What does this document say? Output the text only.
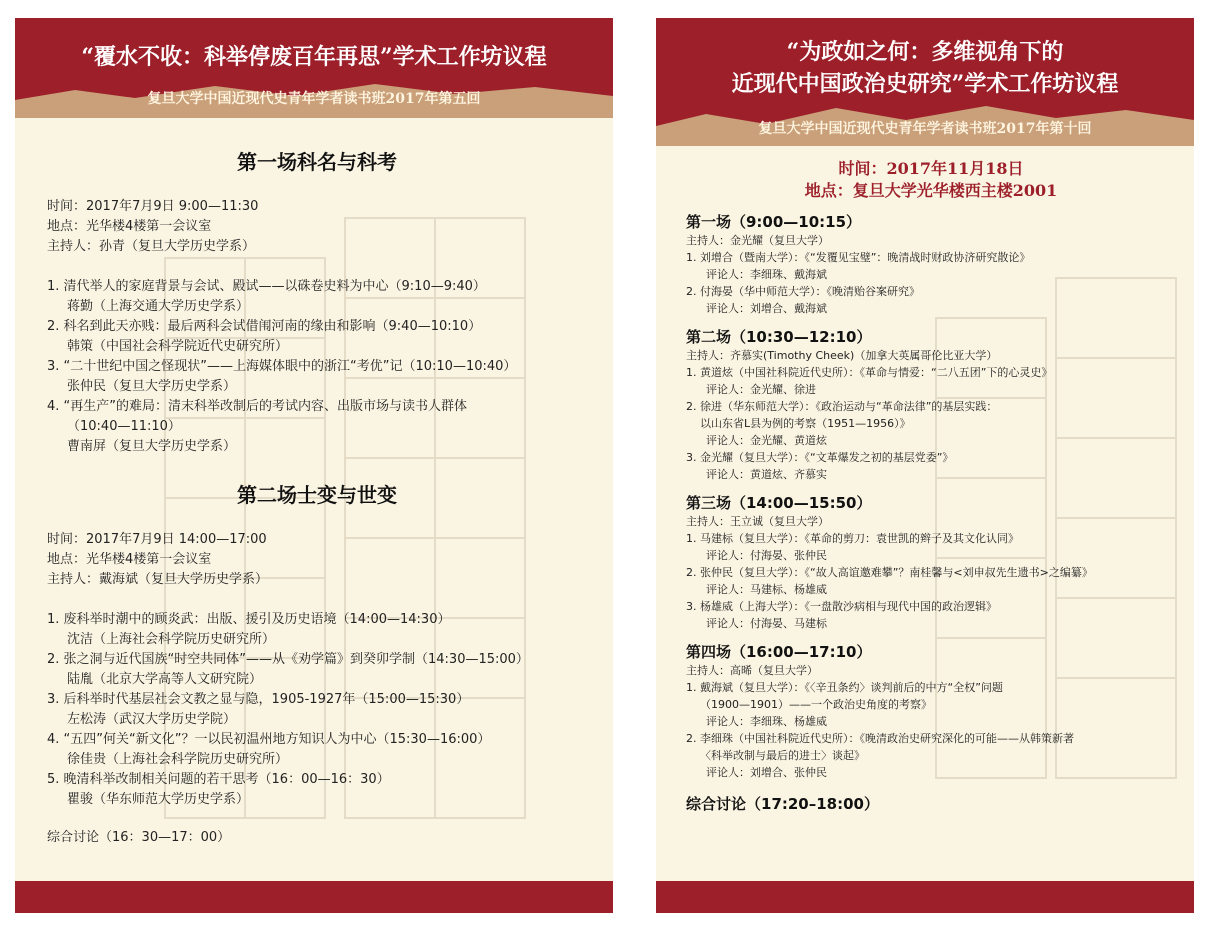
“覆水不收：科举停废百年再思”学术工作坊议程
复旦大学中国近现代史青年学者读书班2017年第五回

第一场科名与科考

时间：2017年7月9日 9:00—11:30

地点：光华楼4楼第一会议室

主持人：孙青（复旦大学历史学系）

1. 清代举人的家庭背景与会试、殿试——以硃卷史料为中心（9:10—9:40）
蒋勤（上海交通大学历史学系）

2. 科名到此天亦贱：最后两科会试借闱河南的缘由和影响（9:40—10:10）
韩策（中国社会科学院近代史研究所）

3. “二十世纪中国之怪现状”——上海媒体眼中的浙江“考优”记（10:10—10:40）
张仲民（复旦大学历史学系）

4. “再生产”的难局：清末科举改制后的考试内容、出版市场与读书人群体
（10:40—11:10）
曹南屏（复旦大学历史学系）

第二场士变与世变

时间：2017年7月9日 14:00—17:00

地点：光华楼4楼第一会议室

主持人：戴海斌（复旦大学历史学系）

1. 废科举时潮中的顾炎武：出版、援引及历史语境（14:00—14:30）
沈洁（上海社会科学院历史研究所）

2. 张之洞与近代国族“时空共同体”——从《劝学篇》到癸卯学制（14:30—15:00）
陆胤（北京大学高等人文研究院）

3. 后科举时代基层社会文教之显与隐，1905-1927年（15:00—15:30）
左松涛（武汉大学历史学院）

4. “五四”何关“新文化”？一以民初温州地方知识人为中心（15:30—16:00）
徐佳贵（上海社会科学院历史研究所）

5. 晚清科举改制相关问题的若干思考（16：00—16：30）
瞿骏（华东师范大学历史学系）

综合讨论（16：30—17：00）

“为政如之何：多维视角下的
近现代中国政治史研究”学术工作坊议程
复旦大学中国近现代史青年学者读书班2017年第十回
时间：2017年11月18日
地点：复旦大学光华楼西主楼2001
第一场（9:00—10:15）
主持人：金光耀（复旦大学）
1. 刘增合（暨南大学）：《“发覆见宝璧”：晚清战时财政协济研究散论》
评论人：李细珠、戴海斌
2. 付海晏（华中师范大学）：《晚清贻谷案研究》
评论人：刘增合、戴海斌
第二场（10:30—12:10）
主持人：齐慕实(Timothy Cheek)（加拿大英属哥伦比亚大学）
1. 黄道炫（中国社科院近代史所）：《革命与情爱：“二八五团”下的心灵史》
评论人：金光耀、徐进
2. 徐进（华东师范大学）：《政治运动与“革命法律”的基层实践：
以山东省L县为例的考察（1951—1956）》
评论人：金光耀、黄道炫
3. 金光耀（复旦大学）：《“文革爆发之初的基层党委”》
评论人：黄道炫、齐慕实
第三场（14:00—15:50）
主持人：王立诚（复旦大学）
1. 马建标（复旦大学）：《革命的剪刀：袁世凯的辫子及其文化认同》
评论人：付海晏、张仲民
2. 张仲民（复旦大学）：《“故人高谊邀难攀”？南桂馨与<刘申叔先生遗书>之编纂》
评论人：马建标、杨雄威
3. 杨雄威（上海大学）：《一盘散沙病相与现代中国的政治逻辑》
评论人：付海晏、马建标
第四场（16:00—17:10）
主持人：高晞（复旦大学）
1. 戴海斌（复旦大学）：《〈辛丑条约〉谈判前后的中方“全权”问题
（1900—1901）——一个政治史角度的考察》
评论人：李细珠、杨雄威
2. 李细珠（中国社科院近代史所）：《晚清政治史研究深化的可能——从韩策新著
〈科举改制与最后的进士〉谈起》
评论人：刘增合、张仲民
综合讨论（17:20–18:00）
